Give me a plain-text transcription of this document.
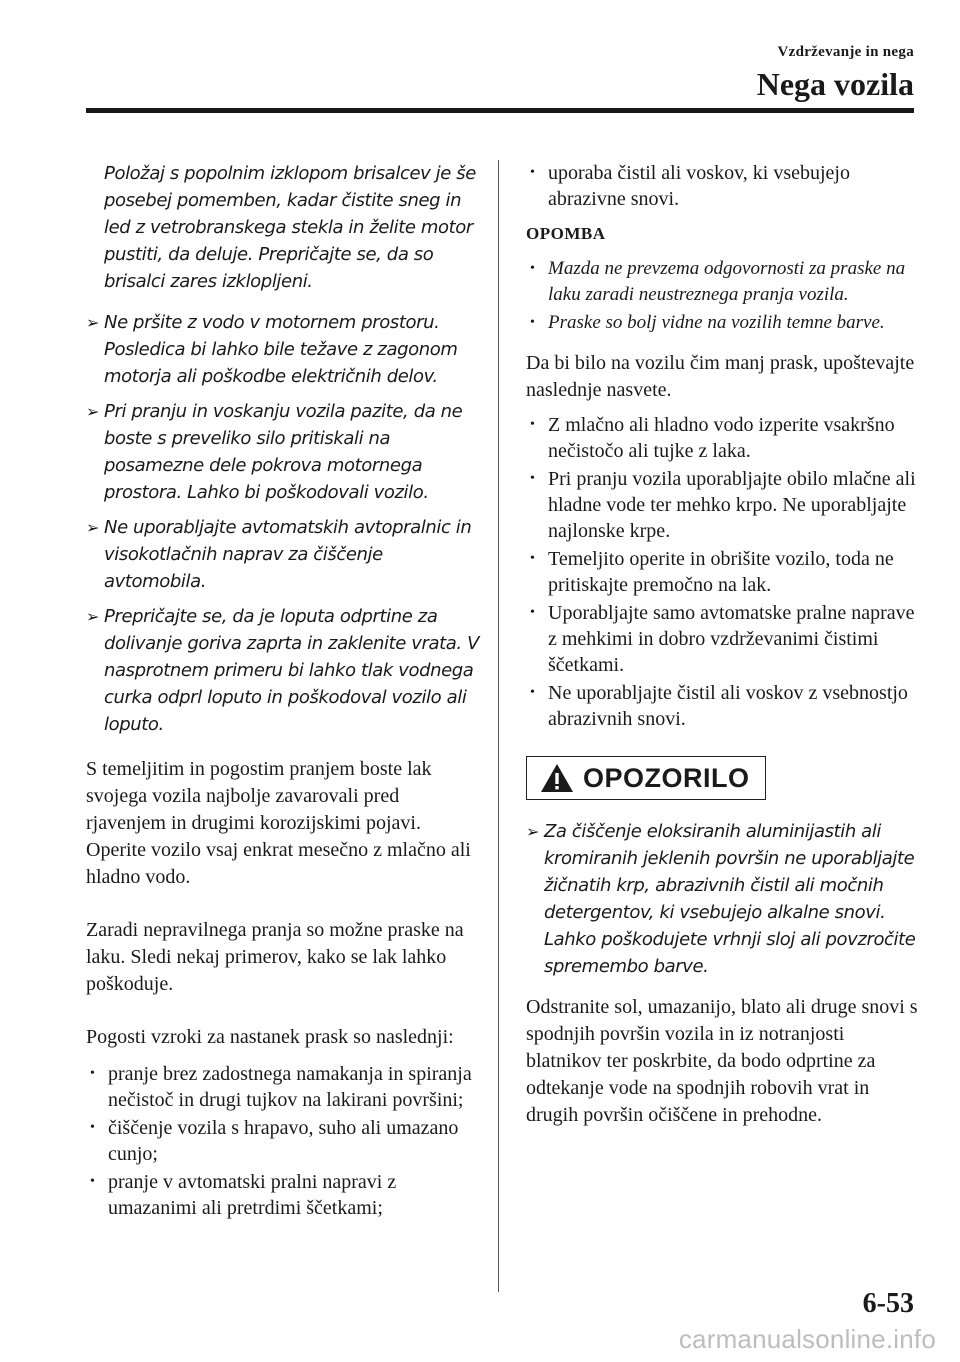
Vzdrževanje in nega
Nega vozila

Položaj s popolnim izklopom brisalcev je še posebej pomemben, kadar čistite sneg in led z vetrobranskega stekla in želite motor pustiti, da deluje. Prepričajte se, da so brisalci zares izklopljeni.

➢ Ne pršite z vodo v motornem prostoru. Posledica bi lahko bile težave z zagonom motorja ali poškodbe električnih delov.
➢ Pri pranju in voskanju vozila pazite, da ne boste s preveliko silo pritiskali na posamezne dele pokrova motornega prostora. Lahko bi poškodovali vozilo.
➢ Ne uporabljajte avtomatskih avtopralnic in visokotlačnih naprav za čiščenje avtomobila.
➢ Prepričajte se, da je loputa odprtine za dolivanje goriva zaprta in zaklenite vrata. V nasprotnem primeru bi lahko tlak vodnega curka odprl loputo in poškodoval vozilo ali loputo.

S temeljitim in pogostim pranjem boste lak svojega vozila najbolje zavarovali pred rjavenjem in drugimi korozijskimi pojavi. Operite vozilo vsaj enkrat mesečno z mlačno ali hladno vodo.

Zaradi nepravilnega pranja so možne praske na laku. Sledi nekaj primerov, kako se lak lahko poškoduje.

Pogosti vzroki za nastanek prask so naslednji:

• pranje brez zadostnega namakanja in spiranja nečistoč in drugi tujkov na lakirani površini;
• čiščenje vozila s hrapavo, suho ali umazano cunjo;
• pranje v avtomatski pralni napravi z umazanimi ali pretrdimi ščetkami;
• uporaba čistil ali voskov, ki vsebujejo abrazivne snovi.
OPOMBA
• Mazda ne prevzema odgovornosti za praske na laku zaradi neustreznega pranja vozila.
• Praske so bolj vidne na vozilih temne barve.

Da bi bilo na vozilu čim manj prask, upoštevajte naslednje nasvete.

• Z mlačno ali hladno vodo izperite vsakršno nečistočo ali tujke z laka.
• Pri pranju vozila uporabljajte obilo mlačne ali hladne vode ter mehko krpo. Ne uporabljajte najlonske krpe.
• Temeljito operite in obrišite vozilo, toda ne pritiskajte premočno na lak.
• Uporabljajte samo avtomatske pralne naprave z mehkimi in dobro vzdrževanimi čistimi ščetkami.
• Ne uporabljajte čistil ali voskov z vsebnostjo abrazivnih snovi.
OPOZORILO
➢ Za čiščenje eloksiranih aluminijastih ali kromiranih jeklenih površin ne uporabljajte žičnatih krp, abrazivnih čistil ali močnih detergentov, ki vsebujejo alkalne snovi. Lahko poškodujete vrhnji sloj ali povzročite spremembo barve.

Odstranite sol, umazanijo, blato ali druge snovi s spodnjih površin vozila in iz notranjosti blatnikov ter poskrbite, da bodo odprtine za odtekanje vode na spodnjih robovih vrat in drugih površin očiščene in prehodne.

6-53
carmanualsonline.info
